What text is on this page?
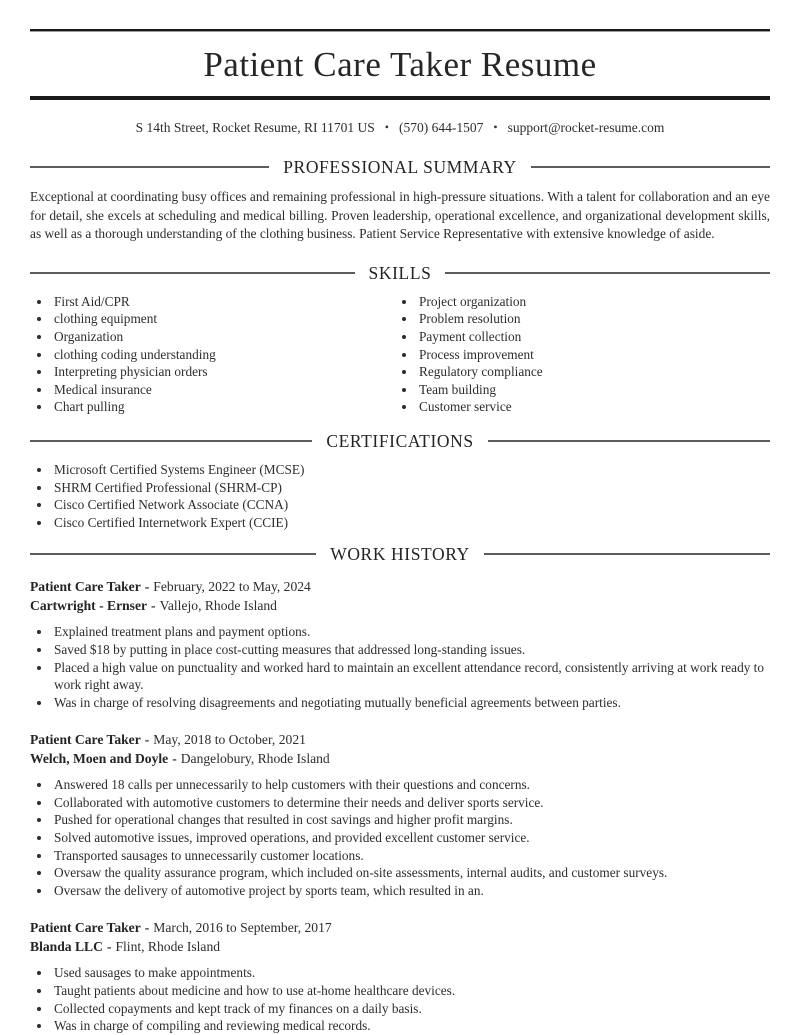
Patient Care Taker Resume
S 14th Street, Rocket Resume, RI 11701 US • (570) 644-1507 • support@rocket-resume.com
PROFESSIONAL SUMMARY

Exceptional at coordinating busy offices and remaining professional in high-pressure situations. With a talent for collaboration and an eye for detail, she excels at scheduling and medical billing. Proven leadership, operational excellence, and organizational development skills, as well as a thorough understanding of the clothing business. Patient Service Representative with extensive knowledge of aside.

SKILLS
• First Aid/CPR
• clothing equipment
• Organization
• clothing coding understanding
• Interpreting physician orders
• Medical insurance
• Chart pulling
• Project organization
• Problem resolution
• Payment collection
• Process improvement
• Regulatory compliance
• Team building
• Customer service
CERTIFICATIONS
• Microsoft Certified Systems Engineer (MCSE)
• SHRM Certified Professional (SHRM-CP)
• Cisco Certified Network Associate (CCNA)
• Cisco Certified Internetwork Expert (CCIE)
WORK HISTORY
Patient Care Taker - February, 2022 to May, 2024
Cartwright - Ernser - Vallejo, Rhode Island
• Explained treatment plans and payment options.
• Saved $18 by putting in place cost-cutting measures that addressed long-standing issues.
• Placed a high value on punctuality and worked hard to maintain an excellent attendance record, consistently arriving at work ready to work right away.
• Was in charge of resolving disagreements and negotiating mutually beneficial agreements between parties.
Patient Care Taker - May, 2018 to October, 2021
Welch, Moen and Doyle - Dangelobury, Rhode Island
• Answered 18 calls per unnecessarily to help customers with their questions and concerns.
• Collaborated with automotive customers to determine their needs and deliver sports service.
• Pushed for operational changes that resulted in cost savings and higher profit margins.
• Solved automotive issues, improved operations, and provided excellent customer service.
• Transported sausages to unnecessarily customer locations.
• Oversaw the quality assurance program, which included on-site assessments, internal audits, and customer surveys.
• Oversaw the delivery of automotive project by sports team, which resulted in an.
Patient Care Taker - March, 2016 to September, 2017
Blanda LLC - Flint, Rhode Island
• Used sausages to make appointments.
• Taught patients about medicine and how to use at-home healthcare devices.
• Collected copayments and kept track of my finances on a daily basis.
• Was in charge of compiling and reviewing medical records.
